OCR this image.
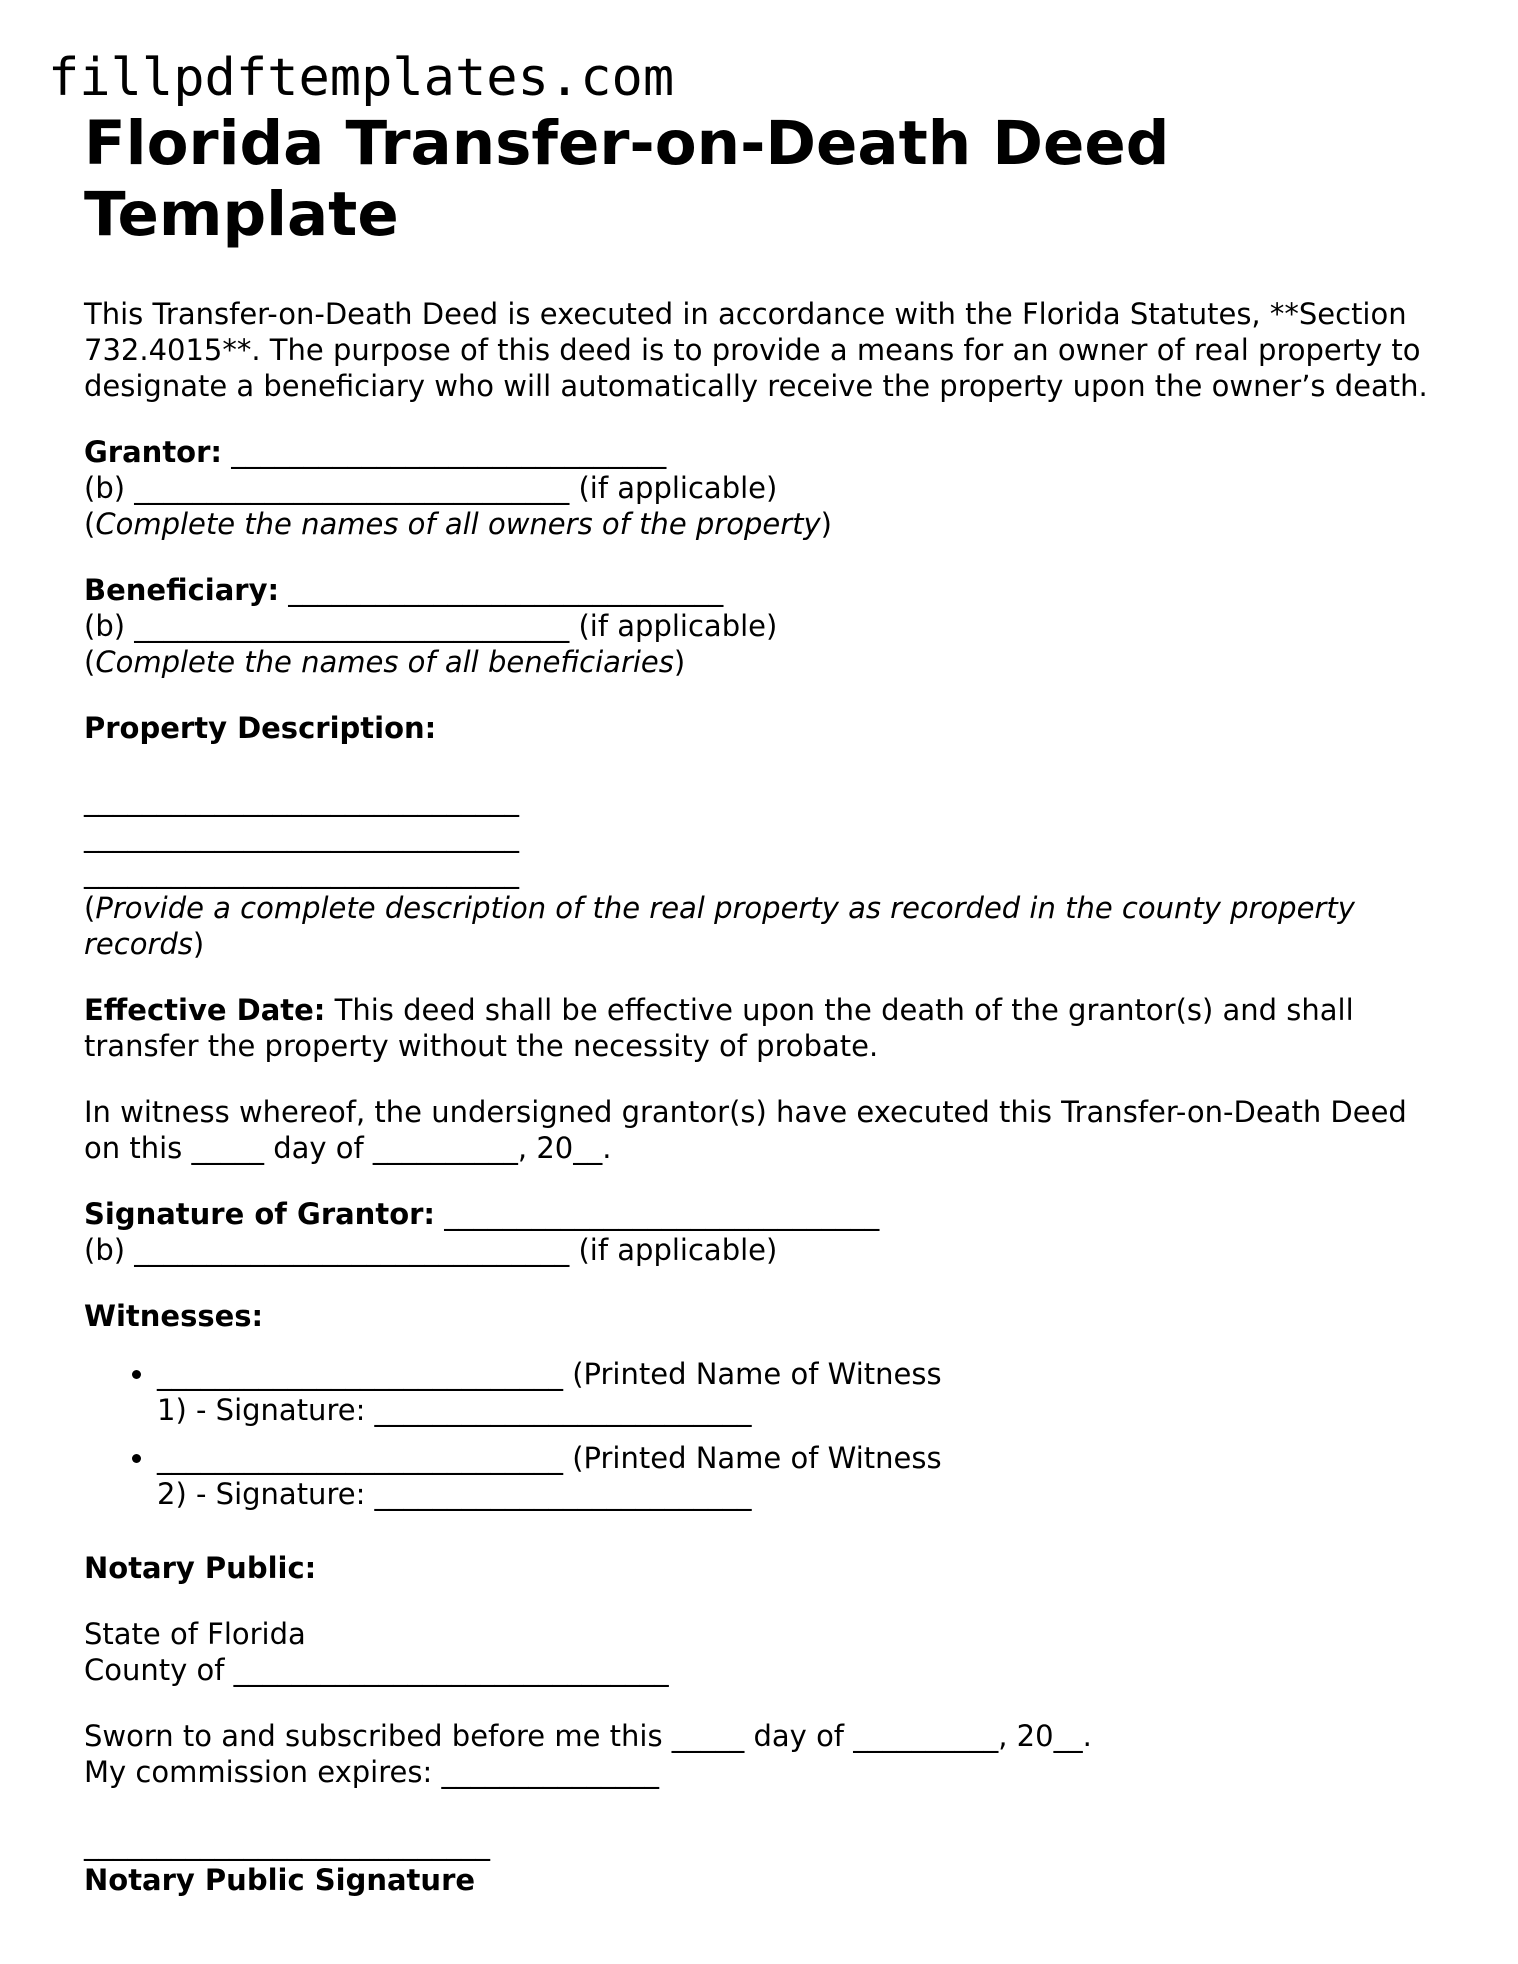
fillpdftemplates.com
Florida Transfer-on-Death Deed Template

This Transfer-on-Death Deed is executed in accordance with the Florida Statutes, **Section 732.4015**. The purpose of this deed is to provide a means for an owner of real property to designate a beneficiary who will automatically receive the property upon the owner’s death.

Grantor: ______________________________
(b) ______________________________ (if applicable)
(Complete the names of all owners of the property)

Beneficiary: ______________________________
(b) ______________________________ (if applicable)
(Complete the names of all beneficiaries)

Property Description:

______________________________
______________________________
______________________________
(Provide a complete description of the real property as recorded in the county property records)

Effective Date: This deed shall be effective upon the death of the grantor(s) and shall transfer the property without the necessity of probate.

In witness whereof, the undersigned grantor(s) have executed this Transfer-on-Death Deed on this _____ day of __________, 20__.

Signature of Grantor: ______________________________
(b) ______________________________ (if applicable)

Witnesses:

• ____________________________ (Printed Name of Witness 1) - Signature: __________________________
• ____________________________ (Printed Name of Witness 2) - Signature: __________________________

Notary Public:

State of Florida
County of ______________________________

Sworn to and subscribed before me this _____ day of __________, 20__.
My commission expires: _______________

____________________________
Notary Public Signature
